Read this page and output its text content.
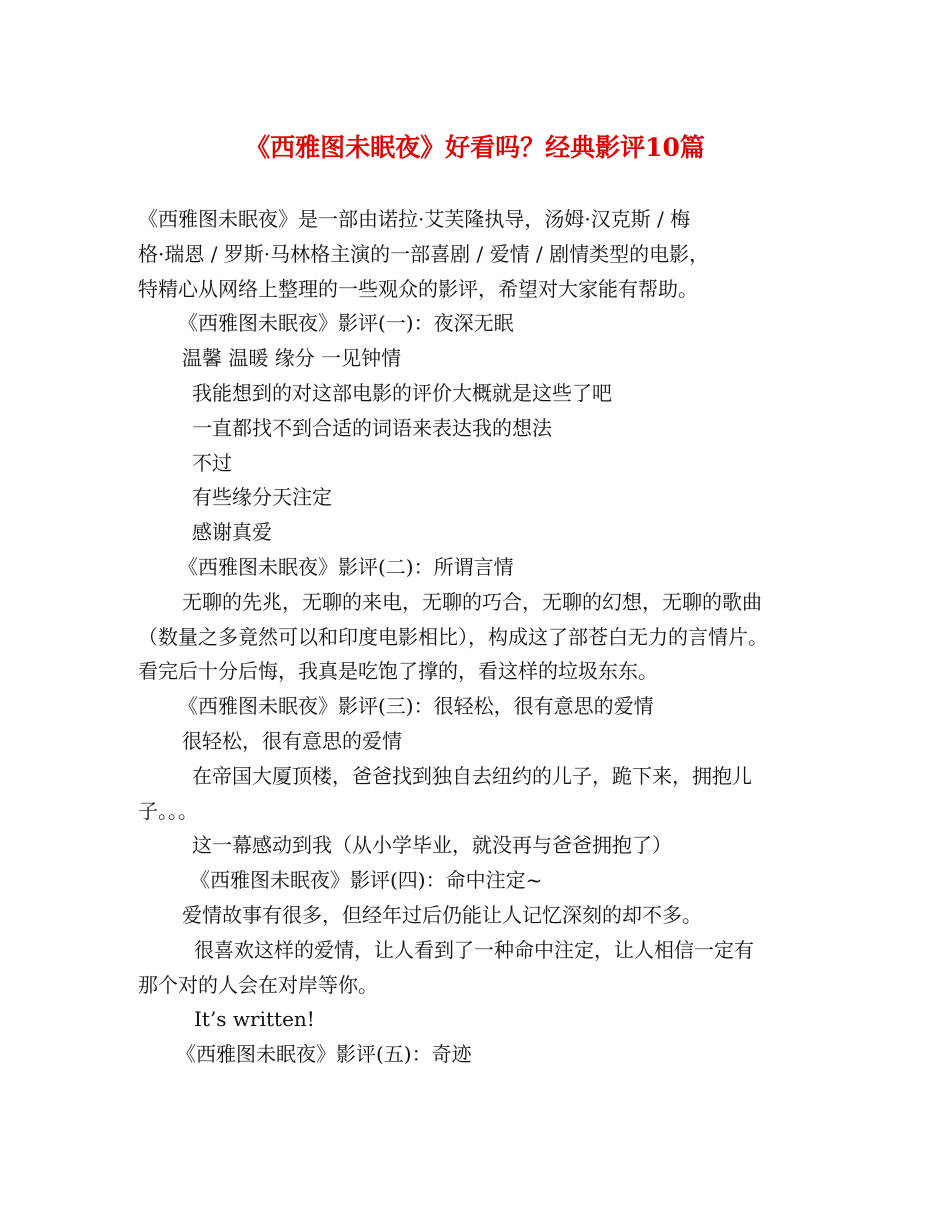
《西雅图未眠夜》好看吗？经典影评10篇

《西雅图未眠夜》是一部由诺拉·艾芙隆执导，汤姆·汉克斯 / 梅

格·瑞恩 / 罗斯·马林格主演的一部喜剧 / 爱情 / 剧情类型的电影，

特精心从网络上整理的一些观众的影评，希望对大家能有帮助。

《西雅图未眠夜》影评(一)：夜深无眠

温馨 温暖 缘分 一见钟情

我能想到的对这部电影的评价大概就是这些了吧

一直都找不到合适的词语来表达我的想法

不过

有些缘分天注定

感谢真爱

《西雅图未眠夜》影评(二)：所谓言情

无聊的先兆，无聊的来电，无聊的巧合，无聊的幻想，无聊的歌曲

（数量之多竟然可以和印度电影相比），构成这了部苍白无力的言情片。

看完后十分后悔，我真是吃饱了撑的，看这样的垃圾东东。

《西雅图未眠夜》影评(三)：很轻松，很有意思的爱情

很轻松，很有意思的爱情

在帝国大厦顶楼，爸爸找到独自去纽约的儿子，跪下来，拥抱儿

子。。。

这一幕感动到我（从小学毕业，就没再与爸爸拥抱了）

《西雅图未眠夜》影评(四)：命中注定~

爱情故事有很多，但经年过后仍能让人记忆深刻的却不多。

很喜欢这样的爱情，让人看到了一种命中注定，让人相信一定有

那个对的人会在对岸等你。

It’s written!

《西雅图未眠夜》影评(五)：奇迹
